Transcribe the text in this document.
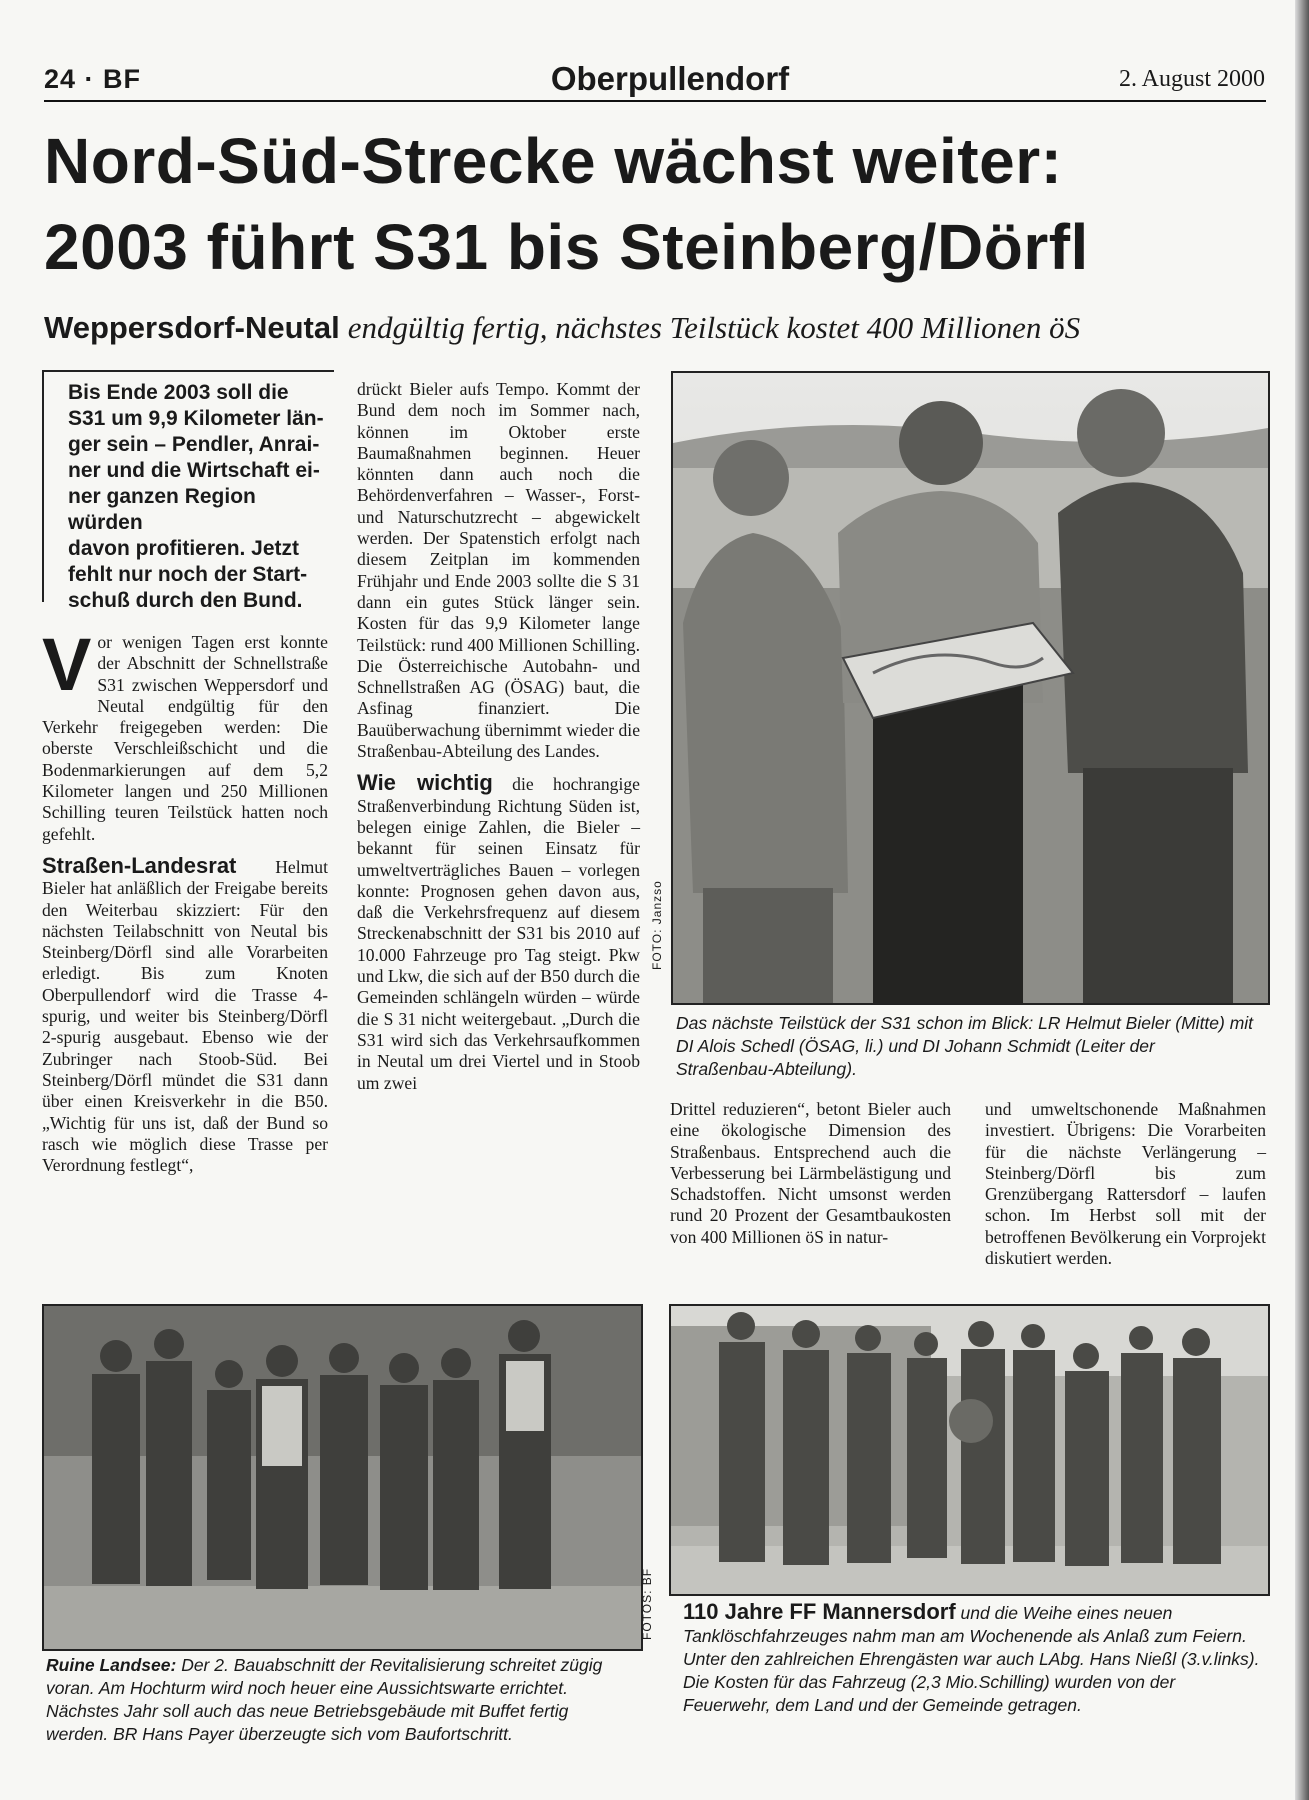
24 · BF	Oberpullendorf	2. August 2000
Nord-Süd-Strecke wächst weiter:
2003 führt S31 bis Steinberg/Dörfl
Weppersdorf-Neutal endgültig fertig, nächstes Teilstück kostet 400 Millionen öS
Bis Ende 2003 soll die
S31 um 9,9 Kilometer län-
ger sein – Pendler, Anrai-
ner und die Wirtschaft ei-
ner ganzen Region würden
davon profitieren. Jetzt
fehlt nur noch der Start-
schuß durch den Bund.

Vor wenigen Tagen erst konnte der Abschnitt der Schnellstraße S31 zwischen Weppersdorf und Neutal endgültig für den Verkehr freigegeben werden: Die oberste Verschleißschicht und die Bodenmarkierungen auf dem 5,2 Kilometer langen und 250 Millionen Schilling teuren Teilstück hatten noch gefehlt.

Straßen-Landesrat Helmut Bieler hat anläßlich der Freigabe bereits den Weiterbau skizziert: Für den nächsten Teilabschnitt von Neutal bis Steinberg/Dörfl sind alle Vorarbeiten erledigt. Bis zum Knoten Oberpullendorf wird die Trasse 4-spurig, und weiter bis Steinberg/Dörfl 2-spurig ausgebaut. Ebenso wie der Zubringer nach Stoob-Süd. Bei Steinberg/Dörfl mündet die S31 dann über einen Kreisverkehr in die B50. „Wichtig für uns ist, daß der Bund so rasch wie möglich diese Trasse per Verordnung festlegt“,

drückt Bieler aufs Tempo. Kommt der Bund dem noch im Sommer nach, können im Oktober erste Baumaßnahmen beginnen. Heuer könnten dann auch noch die Behördenverfahren – Wasser-, Forst- und Naturschutzrecht – abgewickelt werden. Der Spatenstich erfolgt nach diesem Zeitplan im kommenden Frühjahr und Ende 2003 sollte die S 31 dann ein gutes Stück länger sein. Kosten für das 9,9 Kilometer lange Teilstück: rund 400 Millionen Schilling. Die Österreichische Autobahn- und Schnellstraßen AG (ÖSAG) baut, die Asfinag finanziert. Die Bauüberwachung übernimmt wieder die Straßenbau-Abteilung des Landes.

Wie wichtig die hochrangige Straßenverbindung Richtung Süden ist, belegen einige Zahlen, die Bieler – bekannt für seinen Einsatz für umweltverträgliches Bauen – vorlegen konnte: Prognosen gehen davon aus, daß die Verkehrsfrequenz auf diesem Streckenabschnitt der S31 bis 2010 auf 10.000 Fahrzeuge pro Tag steigt. Pkw und Lkw, die sich auf der B50 durch die Gemeinden schlängeln würden – würde die S 31 nicht weitergebaut. „Durch die S31 wird sich das Verkehrsaufkommen in Neutal um drei Viertel und in Stoob um zwei

FOTO: Janzso
Das nächste Teilstück der S31 schon im Blick: LR Helmut Bieler (Mitte) mit DI Alois Schedl (ÖSAG, li.) und DI Johann Schmidt (Leiter der Straßenbau-Abteilung).

Drittel reduzieren“, betont Bieler auch eine ökologische Dimension des Straßenbaus. Entsprechend auch die Verbesserung bei Lärmbelästigung und Schadstoffen. Nicht umsonst werden rund 20 Prozent der Gesamtbaukosten von 400 Millionen öS in natur-

und umweltschonende Maßnahmen investiert. Übrigens: Die Vorarbeiten für die nächste Verlängerung – Steinberg/Dörfl bis zum Grenzübergang Rattersdorf – laufen schon. Im Herbst soll mit der betroffenen Bevölkerung ein Vorprojekt diskutiert werden.

FOTOS: BF
Ruine Landsee: Der 2. Bauabschnitt der Revitalisierung schreitet zügig voran. Am Hochturm wird noch heuer eine Aussichtswarte errichtet. Nächstes Jahr soll auch das neue Betriebsgebäude mit Buffet fertig werden. BR Hans Payer überzeugte sich vom Baufortschritt.
110 Jahre FF Mannersdorf und die Weihe eines neuen Tanklöschfahrzeuges nahm man am Wochenende als Anlaß zum Feiern. Unter den zahlreichen Ehrengästen war auch LAbg. Hans Nießl (3.v.links). Die Kosten für das Fahrzeug (2,3 Mio.Schilling) wurden von der Feuerwehr, dem Land und der Gemeinde getragen.
